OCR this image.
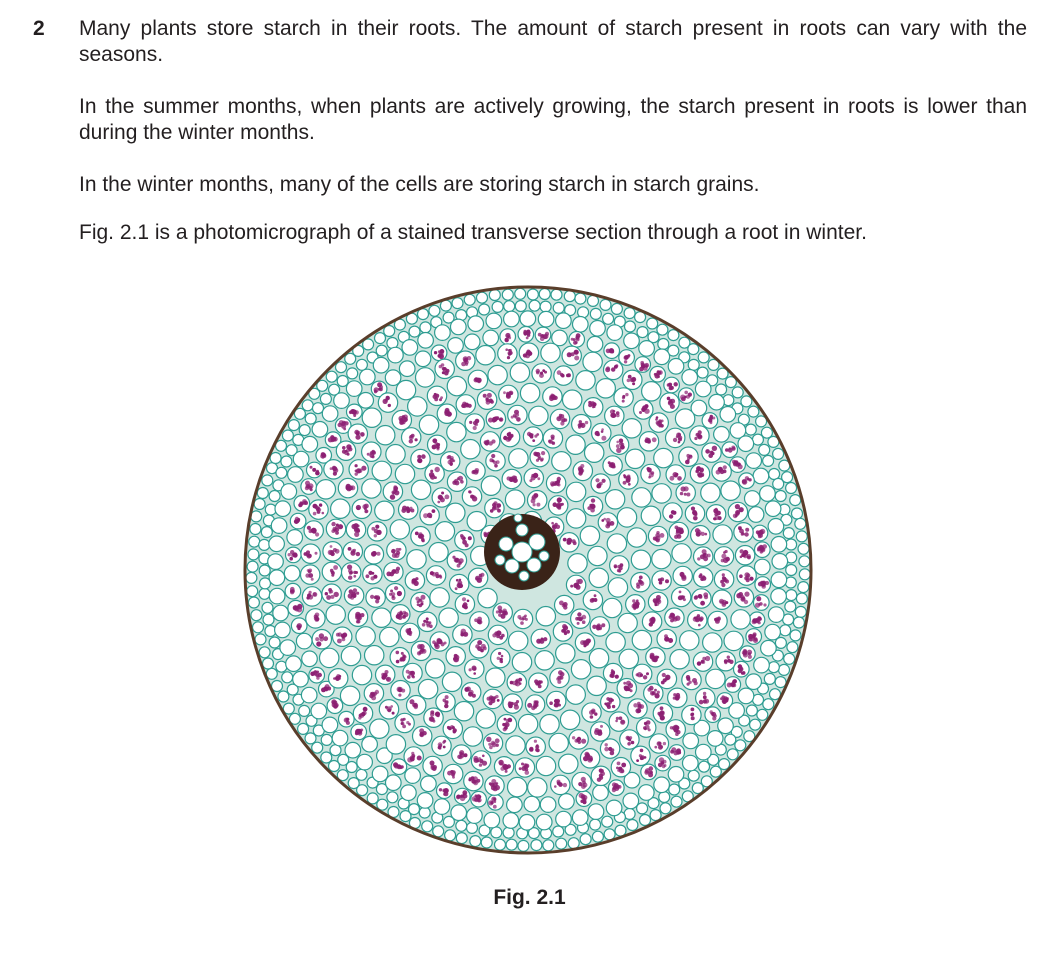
2 Many plants store starch in their roots. The amount of starch present in roots can vary with the seasons.

In the summer months, when plants are actively growing, the starch present in roots is lower than during the winter months.

In the winter months, many of the cells are storing starch in starch grains.

Fig. 2.1 is a photomicrograph of a stained transverse section through a root in winter.

Fig. 2.1
